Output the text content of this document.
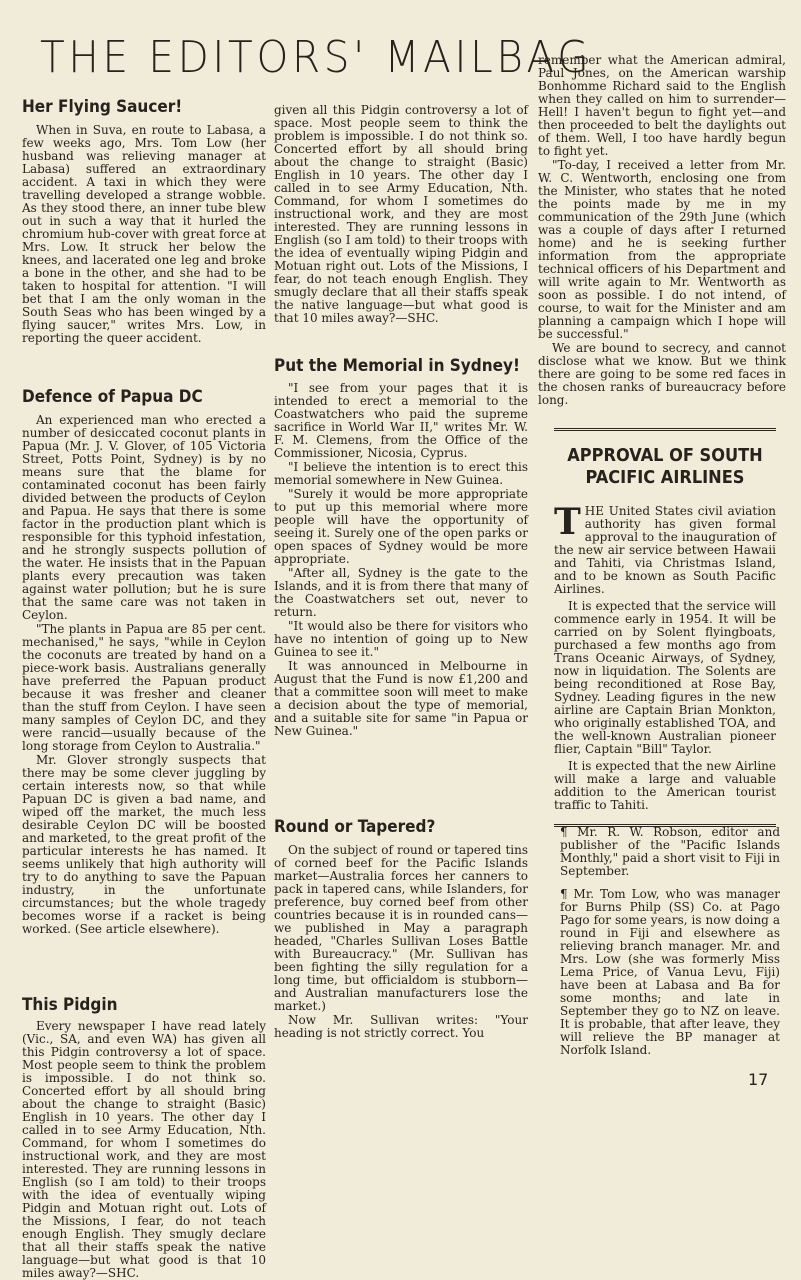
THE EDITORS' MAILBAG
Her Flying Saucer!

When in Suva, en route to Labasa, a few weeks ago, Mrs. Tom Low (her husband was relieving manager at Labasa) suffered an extraordinary accident. A taxi in which they were travelling developed a strange wobble. As they stood there, an inner tube blew out in such a way that it hurled the chromium hub-cover with great force at Mrs. Low. It struck her below the knees, and lacerated one leg and broke a bone in the other, and she had to be taken to hospital for attention. "I will bet that I am the only woman in the South Seas who has been winged by a flying saucer," writes Mrs. Low, in reporting the queer accident.

Defence of Papua DC

An experienced man who erected a number of desiccated coconut plants in Papua (Mr. J. V. Glover, of 105 Victoria Street, Potts Point, Sydney) is by no means sure that the blame for contaminated coconut has been fairly divided between the products of Ceylon and Papua. He says that there is some factor in the production plant which is responsible for this typhoid infestation, and he strongly suspects pollution of the water. He insists that in the Papuan plants every precaution was taken against water pollution; but he is sure that the same care was not taken in Ceylon.

"The plants in Papua are 85 per cent. mechanised," he says, "while in Ceylon the coconuts are treated by hand on a piece-work basis. Australians generally have preferred the Papuan product because it was fresher and cleaner than the stuff from Ceylon. I have seen many samples of Ceylon DC, and they were rancid—usually because of the long storage from Ceylon to Australia."

Mr. Glover strongly suspects that there may be some clever juggling by certain interests now, so that while Papuan DC is given a bad name, and wiped off the market, the much less desirable Ceylon DC will be boosted and marketed, to the great profit of the particular interests he has named. It seems unlikely that high authority will try to do anything to save the Papuan industry, in the unfortunate circumstances; but the whole tragedy becomes worse if a racket is being worked. (See article elsewhere).

This Pidgin

Every newspaper I have read lately (Vic., SA, and even WA) has given all this Pidgin controversy a lot of space. Most people seem to think the problem is impossible. I do not think so. Concerted effort by all should bring about the change to straight (Basic) English in 10 years. The other day I called in to see Army Education, Nth. Command, for whom I sometimes do instructional work, and they are most interested. They are running lessons in English (so I am told) to their troops with the idea of eventually wiping Pidgin and Motuan right out. Lots of the Missions, I fear, do not teach enough English. They smugly declare that all their staffs speak the native language—but what good is that 10 miles away?—SHC.

given all this Pidgin controversy a lot of space. Most people seem to think the problem is impossible. I do not think so. Concerted effort by all should bring about the change to straight (Basic) English in 10 years. The other day I called in to see Army Education, Nth. Command, for whom I sometimes do instructional work, and they are most interested. They are running lessons in English (so I am told) to their troops with the idea of eventually wiping Pidgin and Motuan right out. Lots of the Missions, I fear, do not teach enough English. They smugly declare that all their staffs speak the native language—but what good is that 10 miles away?—SHC.

Put the Memorial in Sydney!

"I see from your pages that it is intended to erect a memorial to the Coastwatchers who paid the supreme sacrifice in World War II," writes Mr. W. F. M. Clemens, from the Office of the Commissioner, Nicosia, Cyprus.

"I believe the intention is to erect this memorial somewhere in New Guinea.

"Surely it would be more appropriate to put up this memorial where more people will have the opportunity of seeing it. Surely one of the open parks or open spaces of Sydney would be more appropriate.

"After all, Sydney is the gate to the Islands, and it is from there that many of the Coastwatchers set out, never to return.

"It would also be there for visitors who have no intention of going up to New Guinea to see it."

It was announced in Melbourne in August that the Fund is now £1,200 and that a committee soon will meet to make a decision about the type of memorial, and a suitable site for same "in Papua or New Guinea."

Round or Tapered?

On the subject of round or tapered tins of corned beef for the Pacific Islands market—Australia forces her canners to pack in tapered cans, while Islanders, for preference, buy corned beef from other countries because it is in rounded cans—we published in May a paragraph headed, "Charles Sullivan Loses Battle with Bureaucracy." (Mr. Sullivan has been fighting the silly regulation for a long time, but officialdom is stubborn—and Australian manufacturers lose the market.)

Now Mr. Sullivan writes: "Your heading is not strictly correct. You

remember what the American admiral, Paul Jones, on the American warship Bonhomme Richard said to the English when they called on him to surrender—Hell! I haven't begun to fight yet—and then proceeded to belt the daylights out of them. Well, I too have hardly begun to fight yet.

"To-day, I received a letter from Mr. W. C. Wentworth, enclosing one from the Minister, who states that he noted the points made by me in my communication of the 29th June (which was a couple of days after I returned home) and he is seeking further information from the appropriate technical officers of his Department and will write again to Mr. Wentworth as soon as possible. I do not intend, of course, to wait for the Minister and am planning a campaign which I hope will be successful."

We are bound to secrecy, and cannot disclose what we know. But we think there are going to be some red faces in the chosen ranks of bureaucracy before long.

APPROVAL OF SOUTH PACIFIC AIRLINES

THE United States civil aviation authority has given formal approval to the inauguration of the new air service between Hawaii and Tahiti, via Christmas Island, and to be known as South Pacific Airlines.

It is expected that the service will commence early in 1954. It will be carried on by Solent flyingboats, purchased a few months ago from Trans Oceanic Airways, of Sydney, now in liquidation. The Solents are being reconditioned at Rose Bay, Sydney. Leading figures in the new airline are Captain Brian Monkton, who originally established TOA, and the well-known Australian pioneer flier, Captain "Bill" Taylor.

It is expected that the new Airline will make a large and valuable addition to the American tourist traffic to Tahiti.

¶ Mr. R. W. Robson, editor and publisher of the "Pacific Islands Monthly," paid a short visit to Fiji in September.

¶ Mr. Tom Low, who was manager for Burns Philp (SS) Co. at Pago Pago for some years, is now doing a round in Fiji and elsewhere as relieving branch manager. Mr. and Mrs. Low (she was formerly Miss Lema Price, of Vanua Levu, Fiji) have been at Labasa and Ba for some months; and late in September they go to NZ on leave. It is probable, that after leave, they will relieve the BP manager at Norfolk Island.

17
